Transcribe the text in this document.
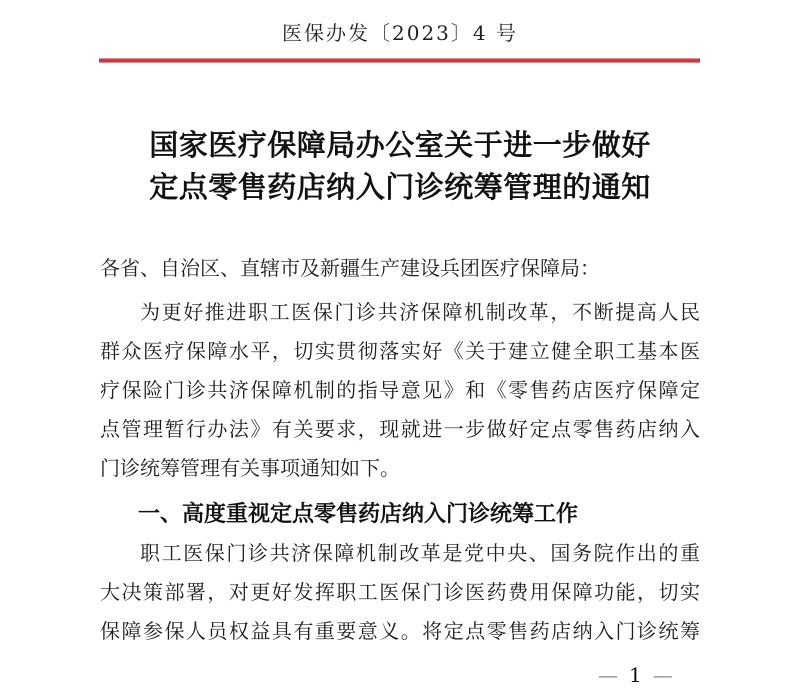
医保办发〔2023〕4 号
国家医疗保障局办公室关于进一步做好
定点零售药店纳入门诊统筹管理的通知
各省、自治区、直辖市及新疆生产建设兵团医疗保障局：
为更好推进职工医保门诊共济保障机制改革，不断提高人民
群众医疗保障水平，切实贯彻落实好《关于建立健全职工基本医
疗保险门诊共济保障机制的指导意见》和《零售药店医疗保障定
点管理暂行办法》有关要求，现就进一步做好定点零售药店纳入
门诊统筹管理有关事项通知如下。
一、高度重视定点零售药店纳入门诊统筹工作
职工医保门诊共济保障机制改革是党中央、国务院作出的重
大决策部署，对更好发挥职工医保门诊医药费用保障功能，切实
保障参保人员权益具有重要意义。将定点零售药店纳入门诊统筹
— 1 —
